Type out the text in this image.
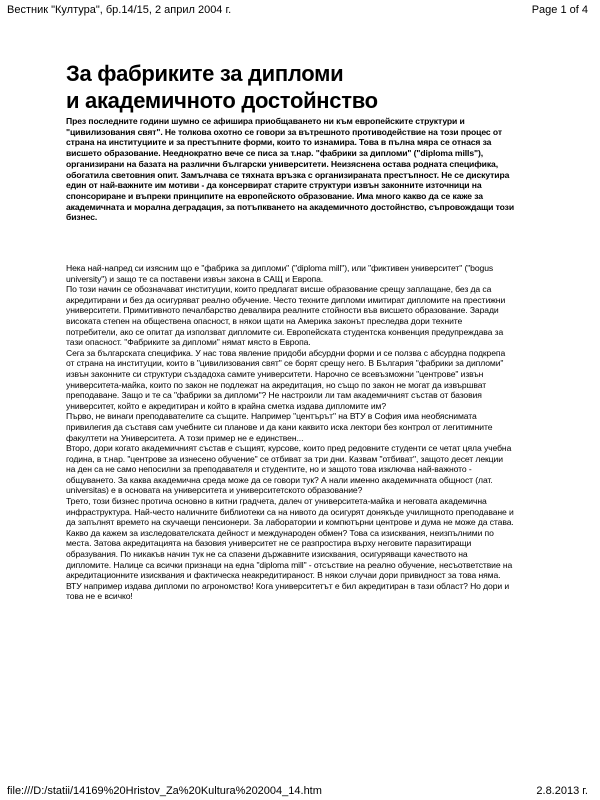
Вестник "Култура", бр.14/15, 2 април 2004 г.	Page 1 of 4
За фабриките за дипломи
и академичното достойнство

През последните години шумно се афишира приобщаването ни към европейските структури и "цивилизования свят". Не толкова охотно се говори за вътрешното противодействие на този процес от страна на институциите и за престъпните форми, които то изнамира. Това в пълна мяра се отнася за висшето образование. Нееднократно вече се писа за т.нар. "фабрики за дипломи" ("diploma mills"), организирани на базата на различни български университети. Неизяснена остава родната специфика, обогатила световния опит. Замълчава се тяхната връзка с организираната престъпност. Не се дискутира един от най-важните им мотиви - да консервират старите структури извън законните източници на спонсориране и въпреки принципите на европейското образование. Има много какво да се каже за академичната и морална деградация, за потъпкването на академичното достойнство, съпровождащи този бизнес.

Нека най-напред си изясним що е "фабрика за дипломи" ("diploma mill"), или "фиктивен университет" ("bogus university") и защо те са поставени извън закона в САЩ и Европа.

По този начин се обозначават институции, които предлагат висше образование срещу заплащане, без да са акредитирани и без да осигуряват реално обучение. Често техните дипломи имитират дипломите на престижни университети. Примитивното печалбарство девалвира реалните стойности във висшето образование. Заради високата степен на обществена опасност, в някои щати на Америка законът преследва дори техните потребители, ако се опитат да използват дипломите си. Европейската студентска конвенция предупреждава за тази опасност. "Фабриките за дипломи" нямат място в Европа.

Сега за българската специфика. У нас това явление придоби абсурдни форми и се ползва с абсурдна подкрепа от страна на институции, които в "цивилизования свят" се борят срещу него. В България "фабрики за дипломи" извън законните си структури създадоха самите университети. Нарочно се всевъзможни "центрове" извън университета-майка, които по закон не подлежат на акредитация, но също по закон не могат да извършват преподаване. Защо и те са "фабрики за дипломи"? Не настроили ли там академичният състав от базовия университет, който е акредитиран и който в крайна сметка издава дипломите им?

Първо, не винаги преподавателите са същите. Например "центърът" на ВТУ в София има необяснимата привилегия да съставя сам учебните си планове и да кани каквито иска лектори без контрол от легитимните факултети на Университета. А този пример не е единствен...

Второ, дори когато академичният състав е същият, курсове, които пред редовните студенти се четат цяла учебна година, в т.нар. "центрове за изнесено обучение" се отбиват за три дни. Казвам "отбиват", защото десет лекции на ден са не само непосилни за преподавателя и студентите, но и защото това изключва най-важното - общуването. За каква академична среда може да се говори тук? А нали именно академичната общност (лат. universitas) е в основата на университета и университетското образование?

Трето, този бизнес протича основно в китни градчета, далеч от университета-майка и неговата академична инфраструктура. Най-често наличните библиотеки са на нивото да осигурят донякъде училищното преподаване и да запълнят времето на скучаещи пенсионери. За лаборатории и компютърни центрове и дума не може да става. Какво да кажем за изследователската дейност и международен обмен? Това са изисквания, неизпълними по места. Затова акредитацията на базовия университет не се разпростира върху неговите паразитиращи образувания. По никакъв начин тук не са спазени държавните изисквания, осигуряващи качеството на дипломите. Налице са всички признаци на една "diploma mill" - отсъствие на реално обучение, несъответствие на акредитационните изисквания и фактическа неакредитираност. В някои случаи дори привидност за това няма. ВТУ например издава дипломи по агрономство! Кога университетът е бил акредитиран в тази област? Но дори и това не е всичко!

file:///D:/statii/14169%20Hristov_Za%20Kultura%202004_14.htm	2.8.2013 г.
